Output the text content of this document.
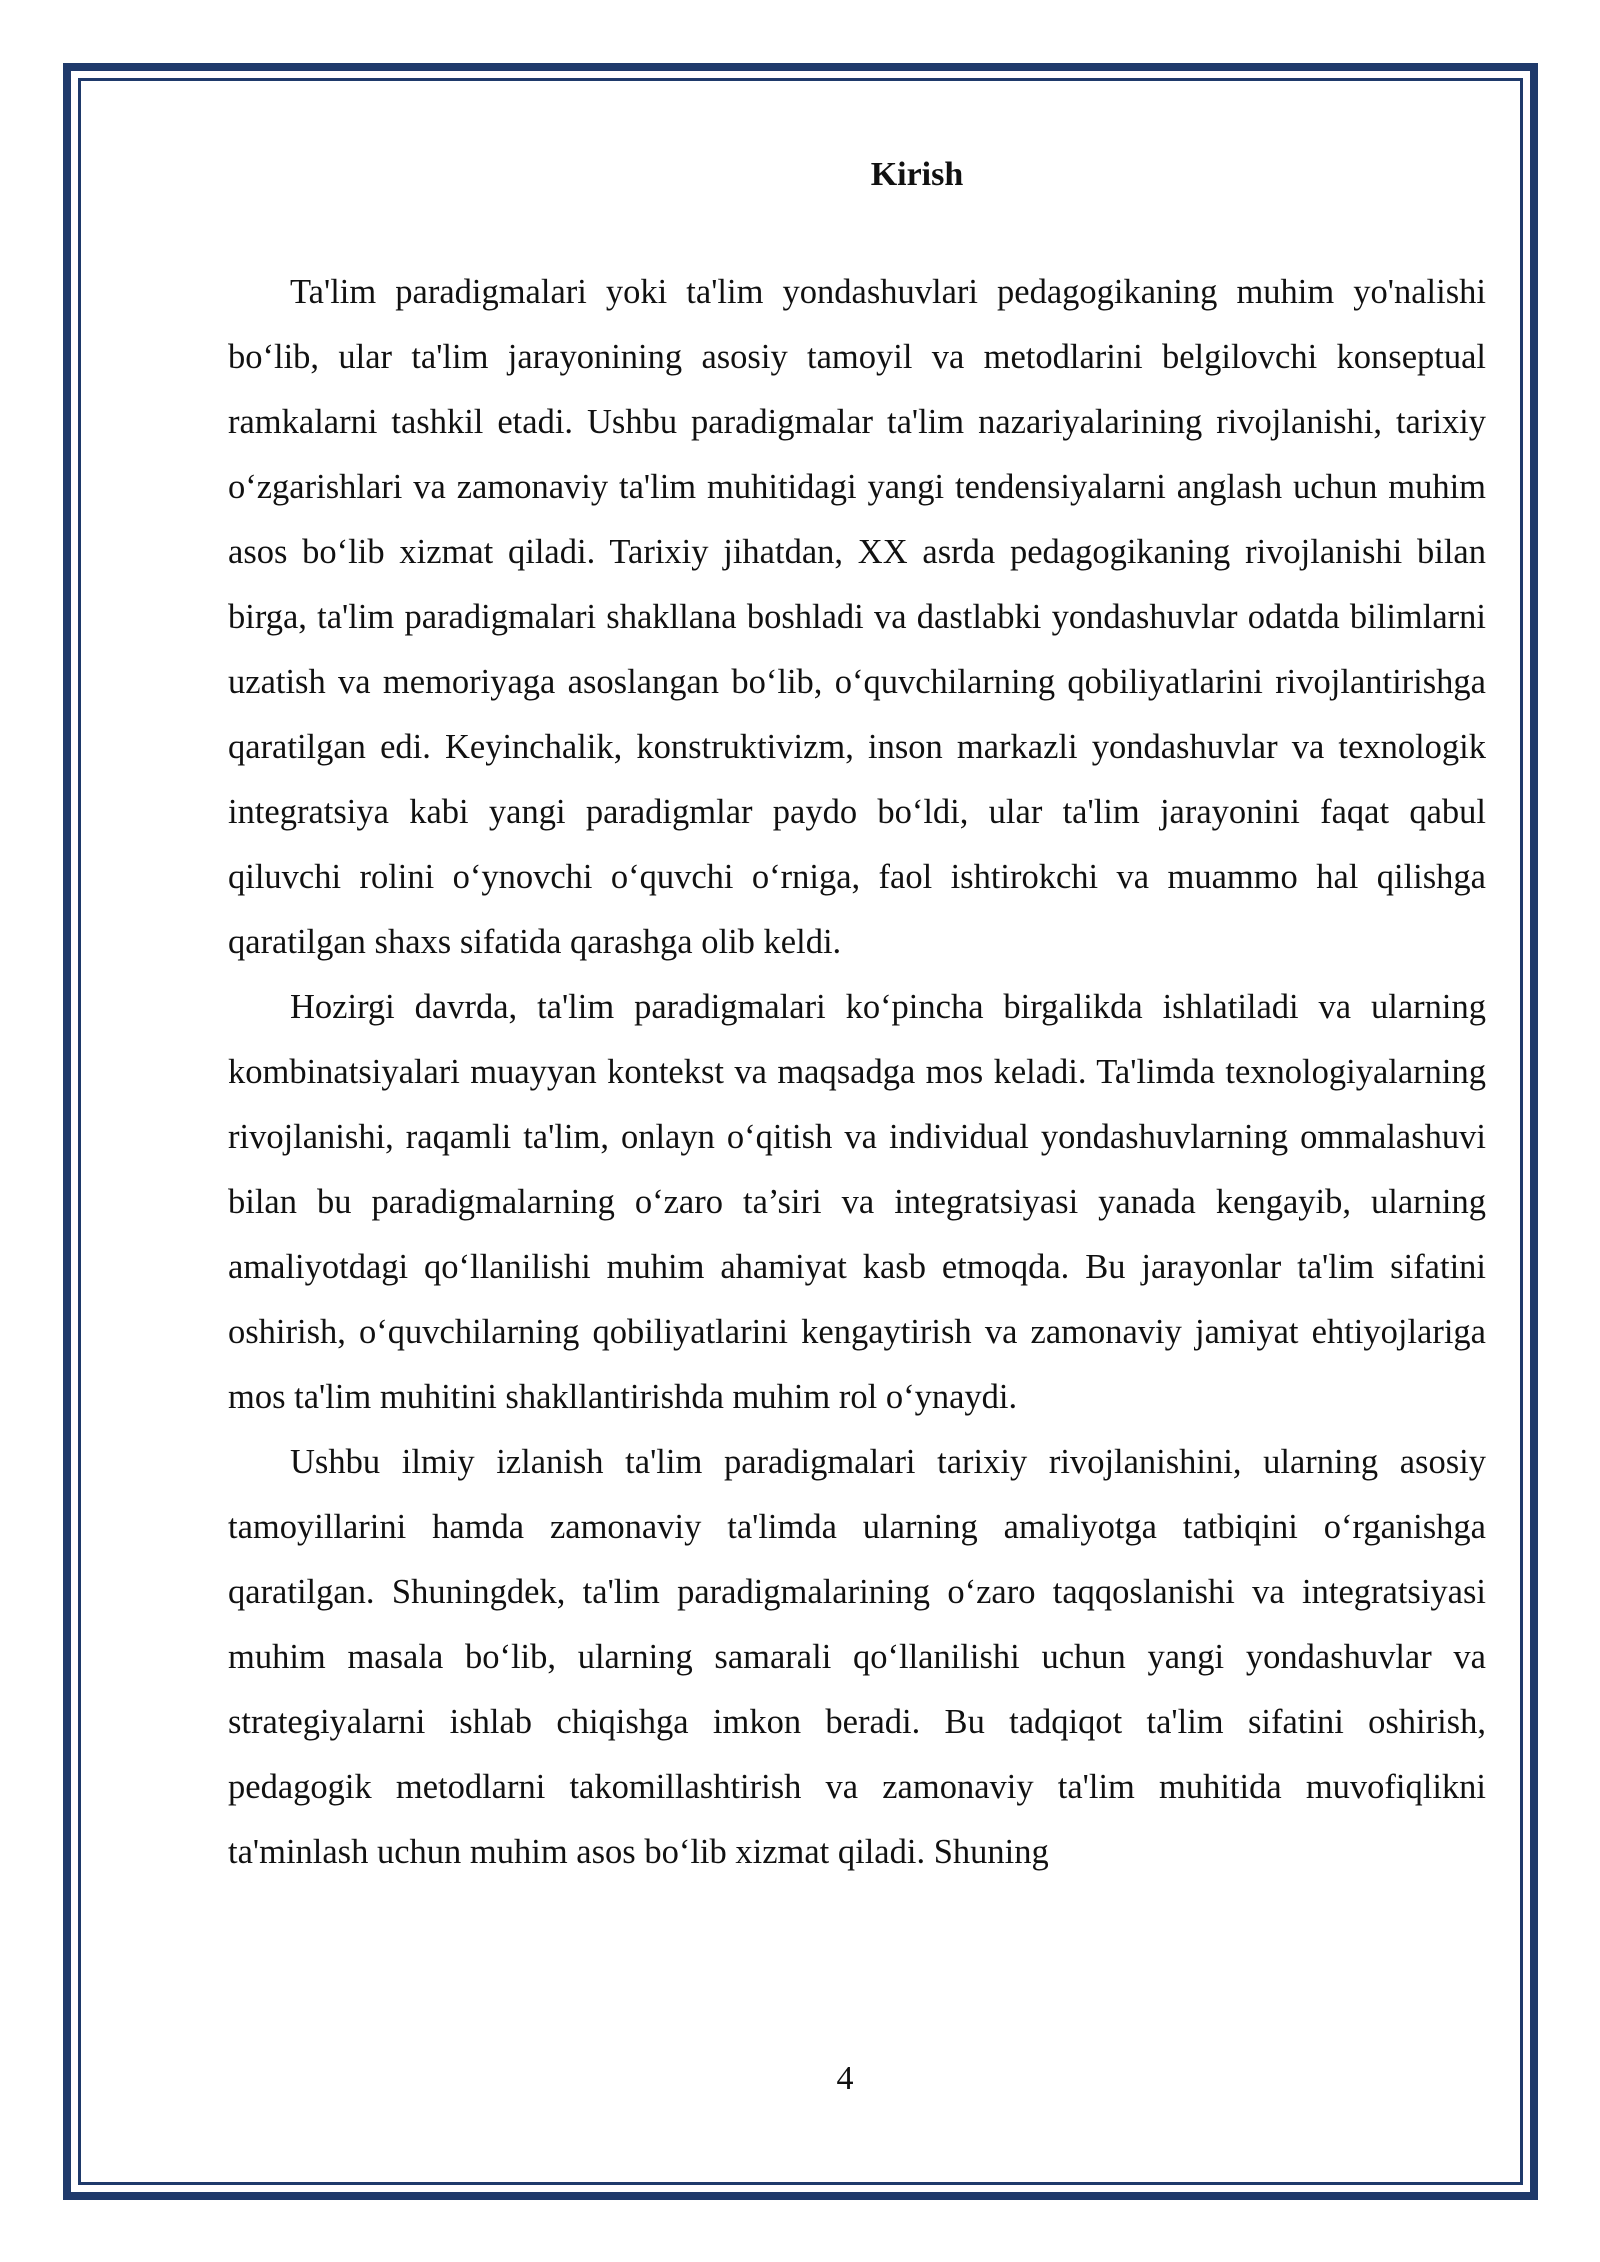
Kirish

Ta'lim paradigmalari yoki ta'lim yondashuvlari pedagogikaning muhim yo'nalishi bo‘lib, ular ta'lim jarayonining asosiy tamoyil va metodlarini belgilovchi konseptual ramkalarni tashkil etadi. Ushbu paradigmalar ta'lim nazariyalarining rivojlanishi, tarixiy o‘zgarishlari va zamonaviy ta'lim muhitidagi yangi tendensiyalarni anglash uchun muhim asos bo‘lib xizmat qiladi. Tarixiy jihatdan, XX asrda pedagogikaning rivojlanishi bilan birga, ta'lim paradigmalari shakllana boshladi va dastlabki yondashuvlar odatda bilimlarni uzatish va memoriyaga asoslangan bo‘lib, o‘quvchilarning qobiliyatlarini rivojlantirishga qaratilgan edi. Keyinchalik, konstruktivizm, inson markazli yondashuvlar va texnologik integratsiya kabi yangi paradigmlar paydo bo‘ldi, ular ta'lim jarayonini faqat qabul qiluvchi rolini o‘ynovchi o‘quvchi o‘rniga, faol ishtirokchi va muammo hal qilishga qaratilgan shaxs sifatida qarashga olib keldi.

Hozirgi davrda, ta'lim paradigmalari ko‘pincha birgalikda ishlatiladi va ularning kombinatsiyalari muayyan kontekst va maqsadga mos keladi. Ta'limda texnologiyalarning rivojlanishi, raqamli ta'lim, onlayn o‘qitish va individual yondashuvlarning ommalashuvi bilan bu paradigmalarning o‘zaro ta’siri va integratsiyasi yanada kengayib, ularning amaliyotdagi qo‘llanilishi muhim ahamiyat kasb etmoqda. Bu jarayonlar ta'lim sifatini oshirish, o‘quvchilarning qobiliyatlarini kengaytirish va zamonaviy jamiyat ehtiyojlariga mos ta'lim muhitini shakllantirishda muhim rol o‘ynaydi.

Ushbu ilmiy izlanish ta'lim paradigmalari tarixiy rivojlanishini, ularning asosiy tamoyillarini hamda zamonaviy ta'limda ularning amaliyotga tatbiqini o‘rganishga qaratilgan. Shuningdek, ta'lim paradigmalarining o‘zaro taqqoslanishi va integratsiyasi muhim masala bo‘lib, ularning samarali qo‘llanilishi uchun yangi yondashuvlar va strategiyalarni ishlab chiqishga imkon beradi. Bu tadqiqot ta'lim sifatini oshirish, pedagogik metodlarni takomillashtirish va zamonaviy ta'lim muhitida muvofiqlikni ta'minlash uchun muhim asos bo‘lib xizmat qiladi. Shuning

4
